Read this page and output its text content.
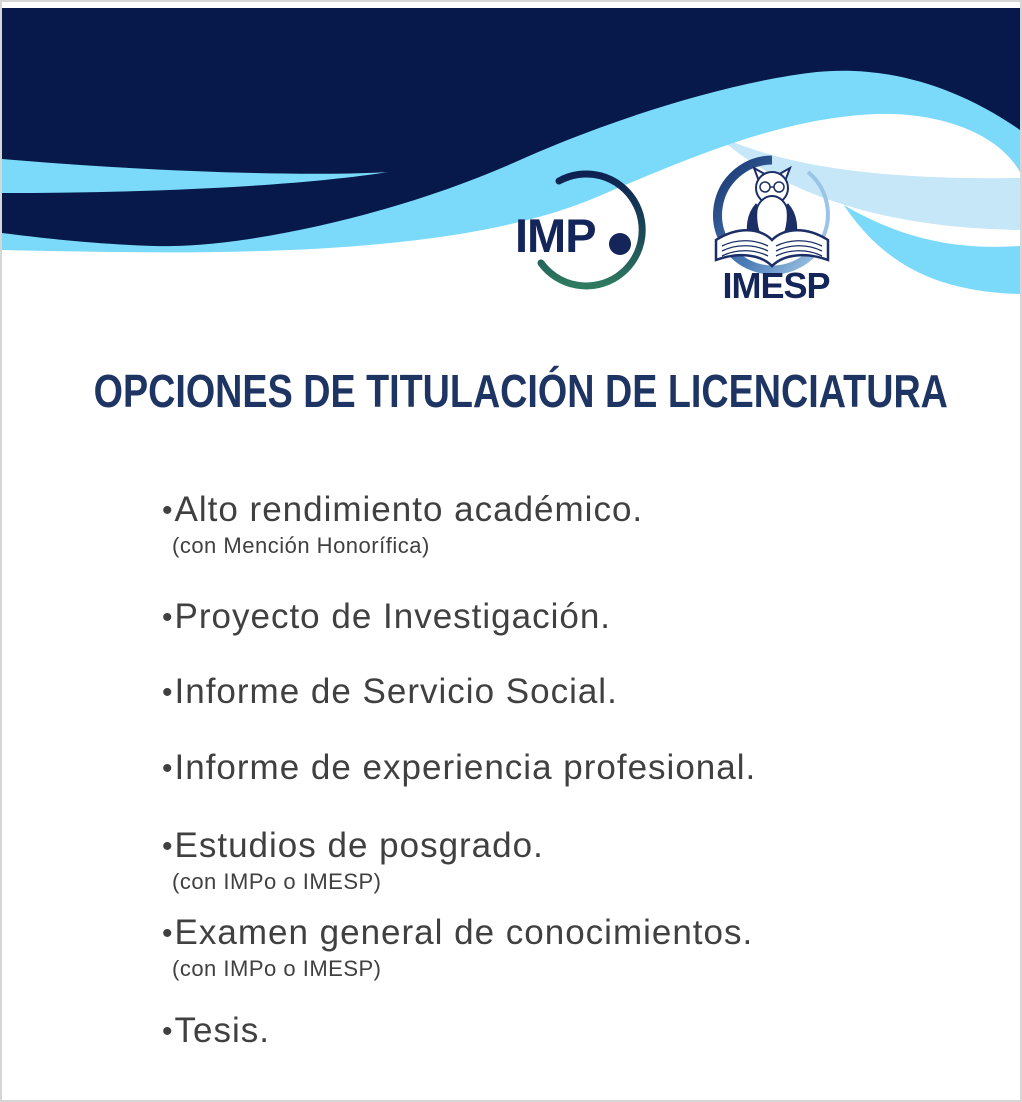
IMP
IMESP
OPCIONES DE TITULACIÓN DE LICENCIATURA
•Alto rendimiento académico.
(con Mención Honorífica)
•Proyecto de Investigación.
•Informe de Servicio Social.
•Informe de experiencia profesional.
•Estudios de posgrado.
(con IMPo o IMESP)
•Examen general de conocimientos.
(con IMPo o IMESP)
•Tesis.
